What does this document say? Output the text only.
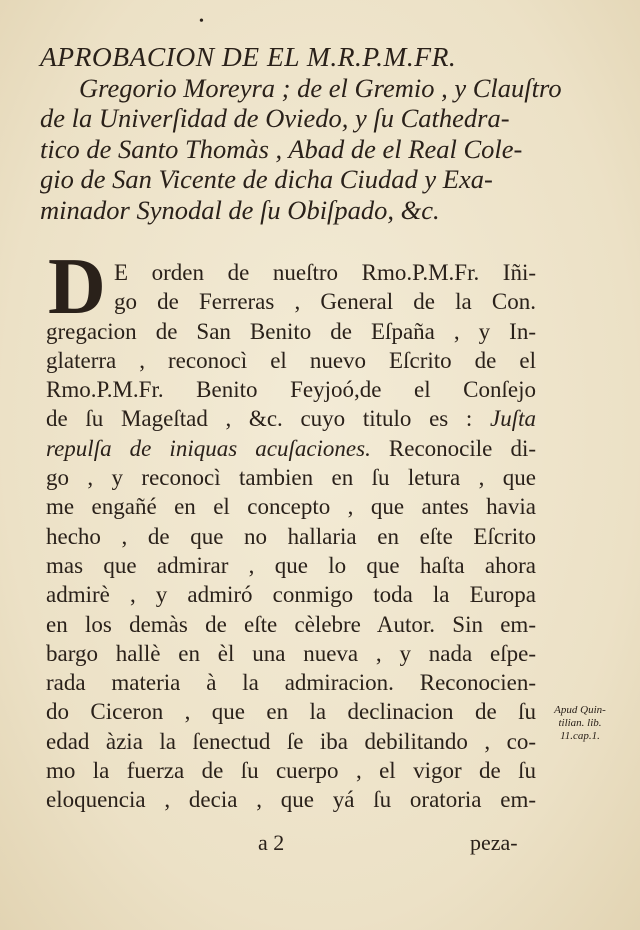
•
APROBACION DE EL M.R.P.M.FR.
Gregorio Moreyra ; de el Gremio , y Clauſtro
de la Univerſidad de Oviedo, y ſu Cathedra-
tico de Santo Thomàs , Abad de el Real Cole-
gio de San Vicente de dicha Ciudad y Exa-
minador Synodal de ſu Obiſpado, &c.
D E orden de nueſtro Rmo.P.M.Fr. Iñi-
go de Ferreras , General de la Con.
gregacion de San Benito de Eſpaña , y In-
glaterra , reconocì el nuevo Eſcrito de el
Rmo.P.M.Fr. Benito Feyjoó,de el Conſejo
de ſu Mageſtad , &c. cuyo titulo es : Juſta
repulſa de iniquas acuſaciones. Reconocile di-
go , y reconocì tambien en ſu letura , que
me engañé en el concepto , que antes havia
hecho , de que no hallaria en eſte Eſcrito
mas que admirar , que lo que haſta ahora
admirè , y admiró conmigo toda la Europa
en los demàs de eſte cèlebre Autor. Sin em-
bargo hallè en èl una nueva , y nada eſpe-
rada materia à la admiracion. Reconocien-
do Ciceron , que en la declinacion de ſu
edad àzia la ſenectud ſe iba debilitando , co-
mo la fuerza de ſu cuerpo , el vigor de ſu
eloquencia , decia , que yá ſu oratoria em-
Apud Quin-
tilian. lib.
11.cap.1.
a 2	peza-
